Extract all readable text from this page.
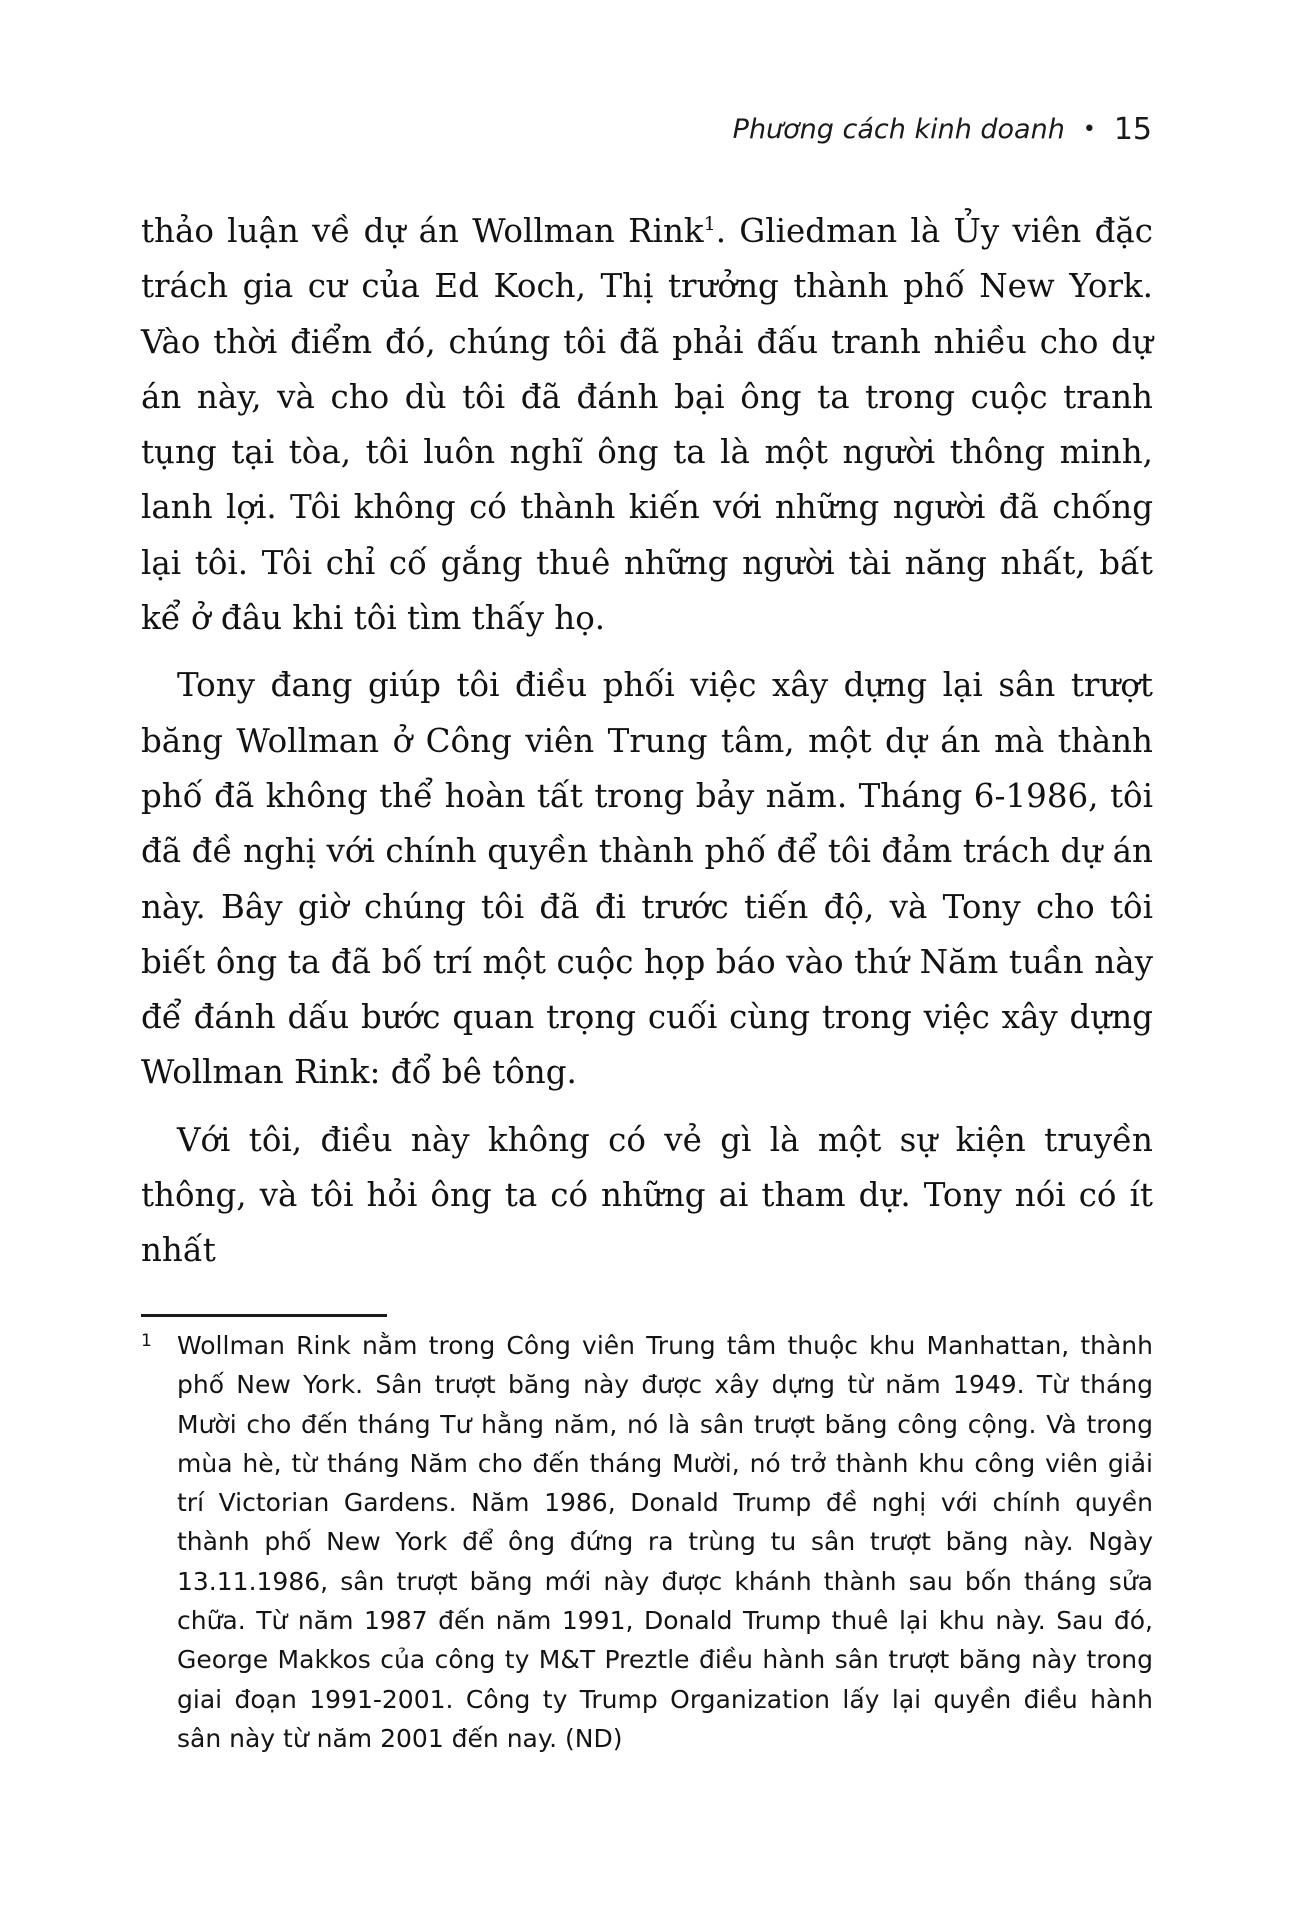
Phương cách kinh doanh • 15

thảo luận về dự án Wollman Rink$^1$. Gliedman là Ủy viên đặc trách gia cư của Ed Koch, Thị trưởng thành phố New York. Vào thời điểm đó, chúng tôi đã phải đấu tranh nhiều cho dự án này, và cho dù tôi đã đánh bại ông ta trong cuộc tranh tụng tại tòa, tôi luôn nghĩ ông ta là một người thông minh, lanh lợi. Tôi không có thành kiến với những người đã chống lại tôi. Tôi chỉ cố gắng thuê những người tài năng nhất, bất kể ở đâu khi tôi tìm thấy họ.

Tony đang giúp tôi điều phối việc xây dựng lại sân trượt băng Wollman ở Công viên Trung tâm, một dự án mà thành phố đã không thể hoàn tất trong bảy năm. Tháng 6-1986, tôi đã đề nghị với chính quyền thành phố để tôi đảm trách dự án này. Bây giờ chúng tôi đã đi trước tiến độ, và Tony cho tôi biết ông ta đã bố trí một cuộc họp báo vào thứ Năm tuần này để đánh dấu bước quan trọng cuối cùng trong việc xây dựng Wollman Rink: đổ bê tông.

Với tôi, điều này không có vẻ gì là một sự kiện truyền thông, và tôi hỏi ông ta có những ai tham dự. Tony nói có ít nhất

1	Wollman Rink nằm trong Công viên Trung tâm thuộc khu Manhattan, thành phố New York. Sân trượt băng này được xây dựng từ năm 1949. Từ tháng Mười cho đến tháng Tư hằng năm, nó là sân trượt băng công cộng. Và trong mùa hè, từ tháng Năm cho đến tháng Mười, nó trở thành khu công viên giải trí Victorian Gardens. Năm 1986, Donald Trump đề nghị với chính quyền thành phố New York để ông đứng ra trùng tu sân trượt băng này. Ngày 13.11.1986, sân trượt băng mới này được khánh thành sau bốn tháng sửa chữa. Từ năm 1987 đến năm 1991, Donald Trump thuê lại khu này. Sau đó, George Makkos của công ty M&T Preztle điều hành sân trượt băng này trong giai đoạn 1991-2001. Công ty Trump Organization lấy lại quyền điều hành sân này từ năm 2001 đến nay. (ND)
